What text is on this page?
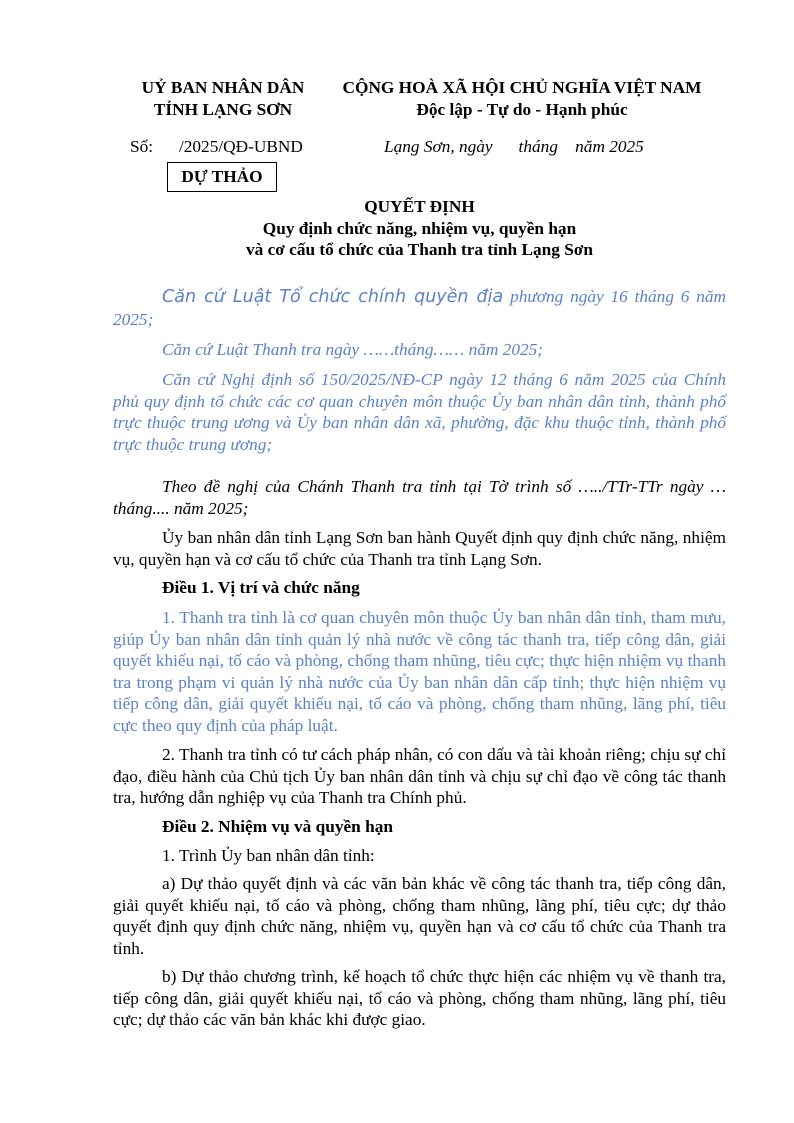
UỶ BAN NHÂN DÂN
TỈNH LẠNG SƠN
CỘNG HOÀ XÃ HỘI CHỦ NGHĨA VIỆT NAM
Độc lập - Tự do - Hạnh phúc
Số:      /2025/QĐ-UBND	Lạng Sơn, ngày      tháng    năm 2025
DỰ THẢO
QUYẾT ĐỊNH
Quy định chức năng, nhiệm vụ, quyền hạn
và cơ cấu tổ chức của Thanh tra tỉnh Lạng Sơn
Căn cứ Luật Tổ chức chính quyền địa phương ngày 16 tháng 6 năm 2025;
Căn cứ Luật Thanh tra ngày ……tháng…… năm 2025;
Căn cứ Nghị định số 150/2025/NĐ-CP ngày 12 tháng 6 năm 2025 của Chính phủ quy định tổ chức các cơ quan chuyên môn thuộc Ủy ban nhân dân tỉnh, thành phố trực thuộc trung ương và Ủy ban nhân dân xã, phường, đặc khu thuộc tỉnh, thành phố trực thuộc trung ương;
Theo đề nghị của Chánh Thanh tra tỉnh tại Tờ trình số …../TTr-TTr ngày … tháng.... năm 2025;
Ủy ban nhân dân tỉnh Lạng Sơn ban hành Quyết định quy định chức năng, nhiệm vụ, quyền hạn và cơ cấu tổ chức của Thanh tra tỉnh Lạng Sơn.
Điều 1. Vị trí và chức năng
1. Thanh tra tỉnh là cơ quan chuyên môn thuộc Ủy ban nhân dân tỉnh, tham mưu, giúp Ủy ban nhân dân tỉnh quản lý nhà nước về công tác thanh tra, tiếp công dân, giải quyết khiếu nại, tố cáo và phòng, chống tham nhũng, tiêu cực; thực hiện nhiệm vụ thanh tra trong phạm vi quản lý nhà nước của Ủy ban nhân dân cấp tỉnh; thực hiện nhiệm vụ tiếp công dân, giải quyết khiếu nại, tố cáo và phòng, chống tham nhũng, lãng phí, tiêu cực theo quy định của pháp luật.
2. Thanh tra tỉnh có tư cách pháp nhân, có con dấu và tài khoản riêng; chịu sự chỉ đạo, điều hành của Chủ tịch Ủy ban nhân dân tỉnh và chịu sự chỉ đạo về công tác thanh tra, hướng dẫn nghiệp vụ của Thanh tra Chính phủ.
Điều 2. Nhiệm vụ và quyền hạn
1. Trình Ủy ban nhân dân tỉnh:
a) Dự thảo quyết định và các văn bản khác về công tác thanh tra, tiếp công dân, giải quyết khiếu nại, tố cáo và phòng, chống tham nhũng, lãng phí, tiêu cực; dự thảo quyết định quy định chức năng, nhiệm vụ, quyền hạn và cơ cấu tổ chức của Thanh tra tỉnh.
b) Dự thảo chương trình, kế hoạch tổ chức thực hiện các nhiệm vụ về thanh tra, tiếp công dân, giải quyết khiếu nại, tố cáo và phòng, chống tham nhũng, lãng phí, tiêu cực; dự thảo các văn bản khác khi được giao.
